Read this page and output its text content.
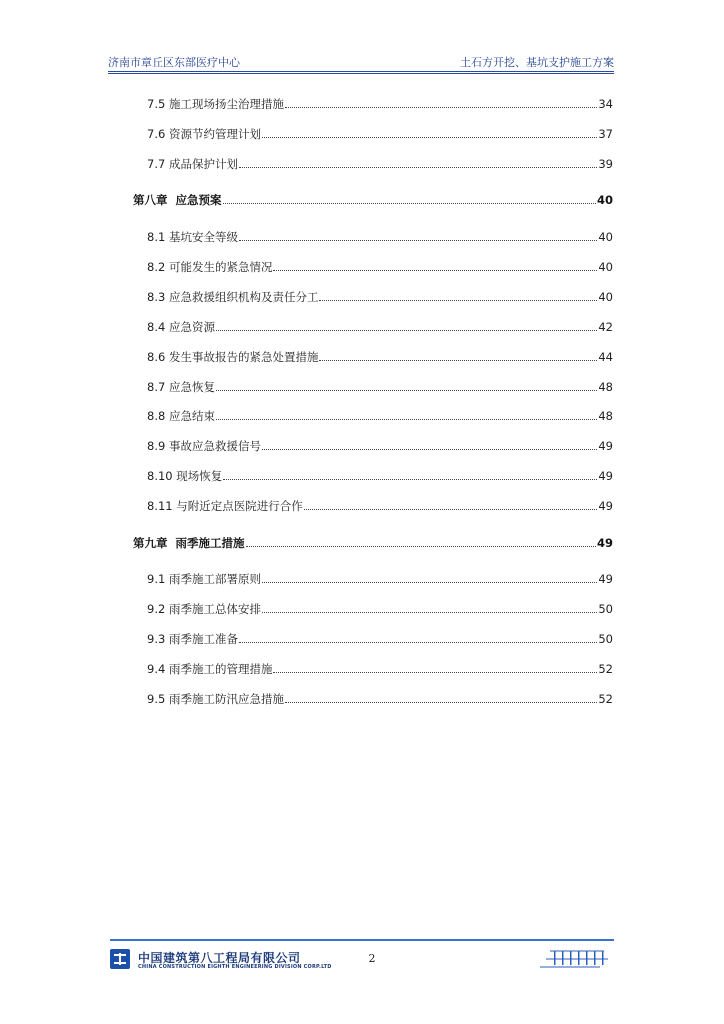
济南市章丘区东部医疗中心	土石方开挖、基坑支护施工方案
7.5 施工现场扬尘治理措施	34
7.6 资源节约管理计划	37
7.7 成品保护计划	39
第八章  应急预案	40
8.1 基坑安全等级	40
8.2 可能发生的紧急情况	40
8.3 应急救援组织机构及责任分工	40
8.4 应急资源	42
8.6 发生事故报告的紧急处置措施	44
8.7 应急恢复	48
8.8 应急结束	48
8.9 事故应急救援信号	49
8.10 现场恢复	49
8.11 与附近定点医院进行合作	49
第九章  雨季施工措施	49
9.1 雨季施工部署原则	49
9.2 雨季施工总体安排	50
9.3 雨季施工准备	50
9.4 雨季施工的管理措施	52
9.5 雨季施工防汛应急措施	52
中国建筑第八工程局有限公司
CHINA CONSTRUCTION EIGHTH ENGINEERING DIVISION CORP.LTD
2
